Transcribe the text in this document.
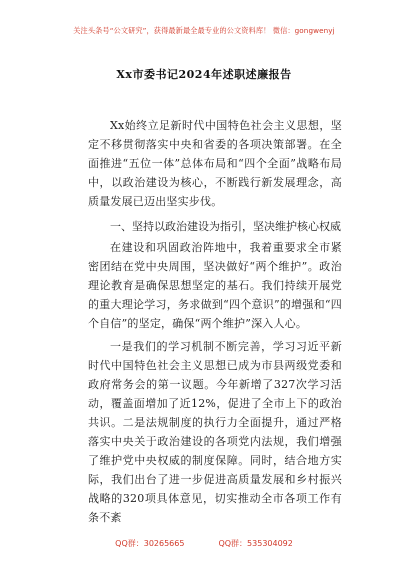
关注头条号“公文研究”，获得最新最全最专业的公文资料库！ 微信：gongwenyj
Xx市委书记2024年述职述廉报告

Xx始终立足新时代中国特色社会主义思想，坚定不移贯彻落实中央和省委的各项决策部署。在全面推进“五位一体”总体布局和“四个全面”战略布局中，以政治建设为核心，不断践行新发展理念，高质量发展已迈出坚实步伐。

一、坚持以政治建设为指引，坚决维护核心权威

在建设和巩固政治阵地中，我着重要求全市紧密团结在党中央周围，坚决做好“两个维护”。政治理论教育是确保思想坚定的基石。我们持续开展党的重大理论学习，务求做到“四个意识”的增强和“四个自信”的坚定，确保“两个维护”深入人心。

一是我们的学习机制不断完善，学习习近平新时代中国特色社会主义思想已成为市县两级党委和政府常务会的第一议题。今年新增了327次学习活动，覆盖面增加了近12%，促进了全市上下的政治共识。二是法规制度的执行力全面提升，通过严格落实中央关于政治建设的各项党内法规，我们增强了维护党中央权威的制度保障。同时，结合地方实际，我们出台了进一步促进高质量发展和乡村振兴战略的320项具体意见，切实推动全市各项工作有条不紊

QQ群：30265665	QQ群：535304092
